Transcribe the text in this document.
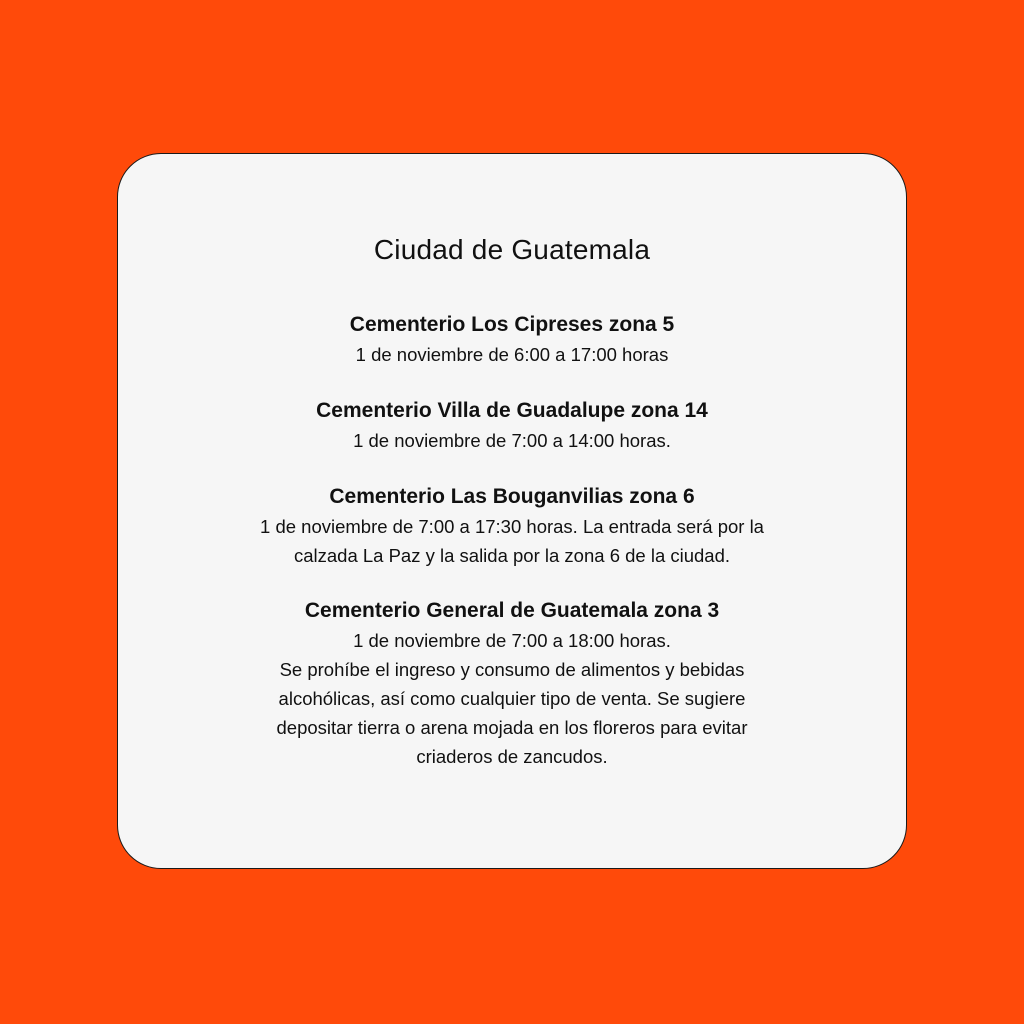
Ciudad de Guatemala

Cementerio Los Cipreses zona 5

1 de noviembre de 6:00 a 17:00 horas

Cementerio Villa de Guadalupe zona 14

1 de noviembre de 7:00 a 14:00 horas.

Cementerio Las Bouganvilias zona 6

1 de noviembre de 7:00 a 17:30 horas. La entrada será por la

calzada La Paz y la salida por la zona 6 de la ciudad.

Cementerio General de Guatemala zona 3

1 de noviembre de 7:00 a 18:00 horas.

Se prohíbe el ingreso y consumo de alimentos y bebidas

alcohólicas, así como cualquier tipo de venta. Se sugiere

depositar tierra o arena mojada en los floreros para evitar

criaderos de zancudos.
